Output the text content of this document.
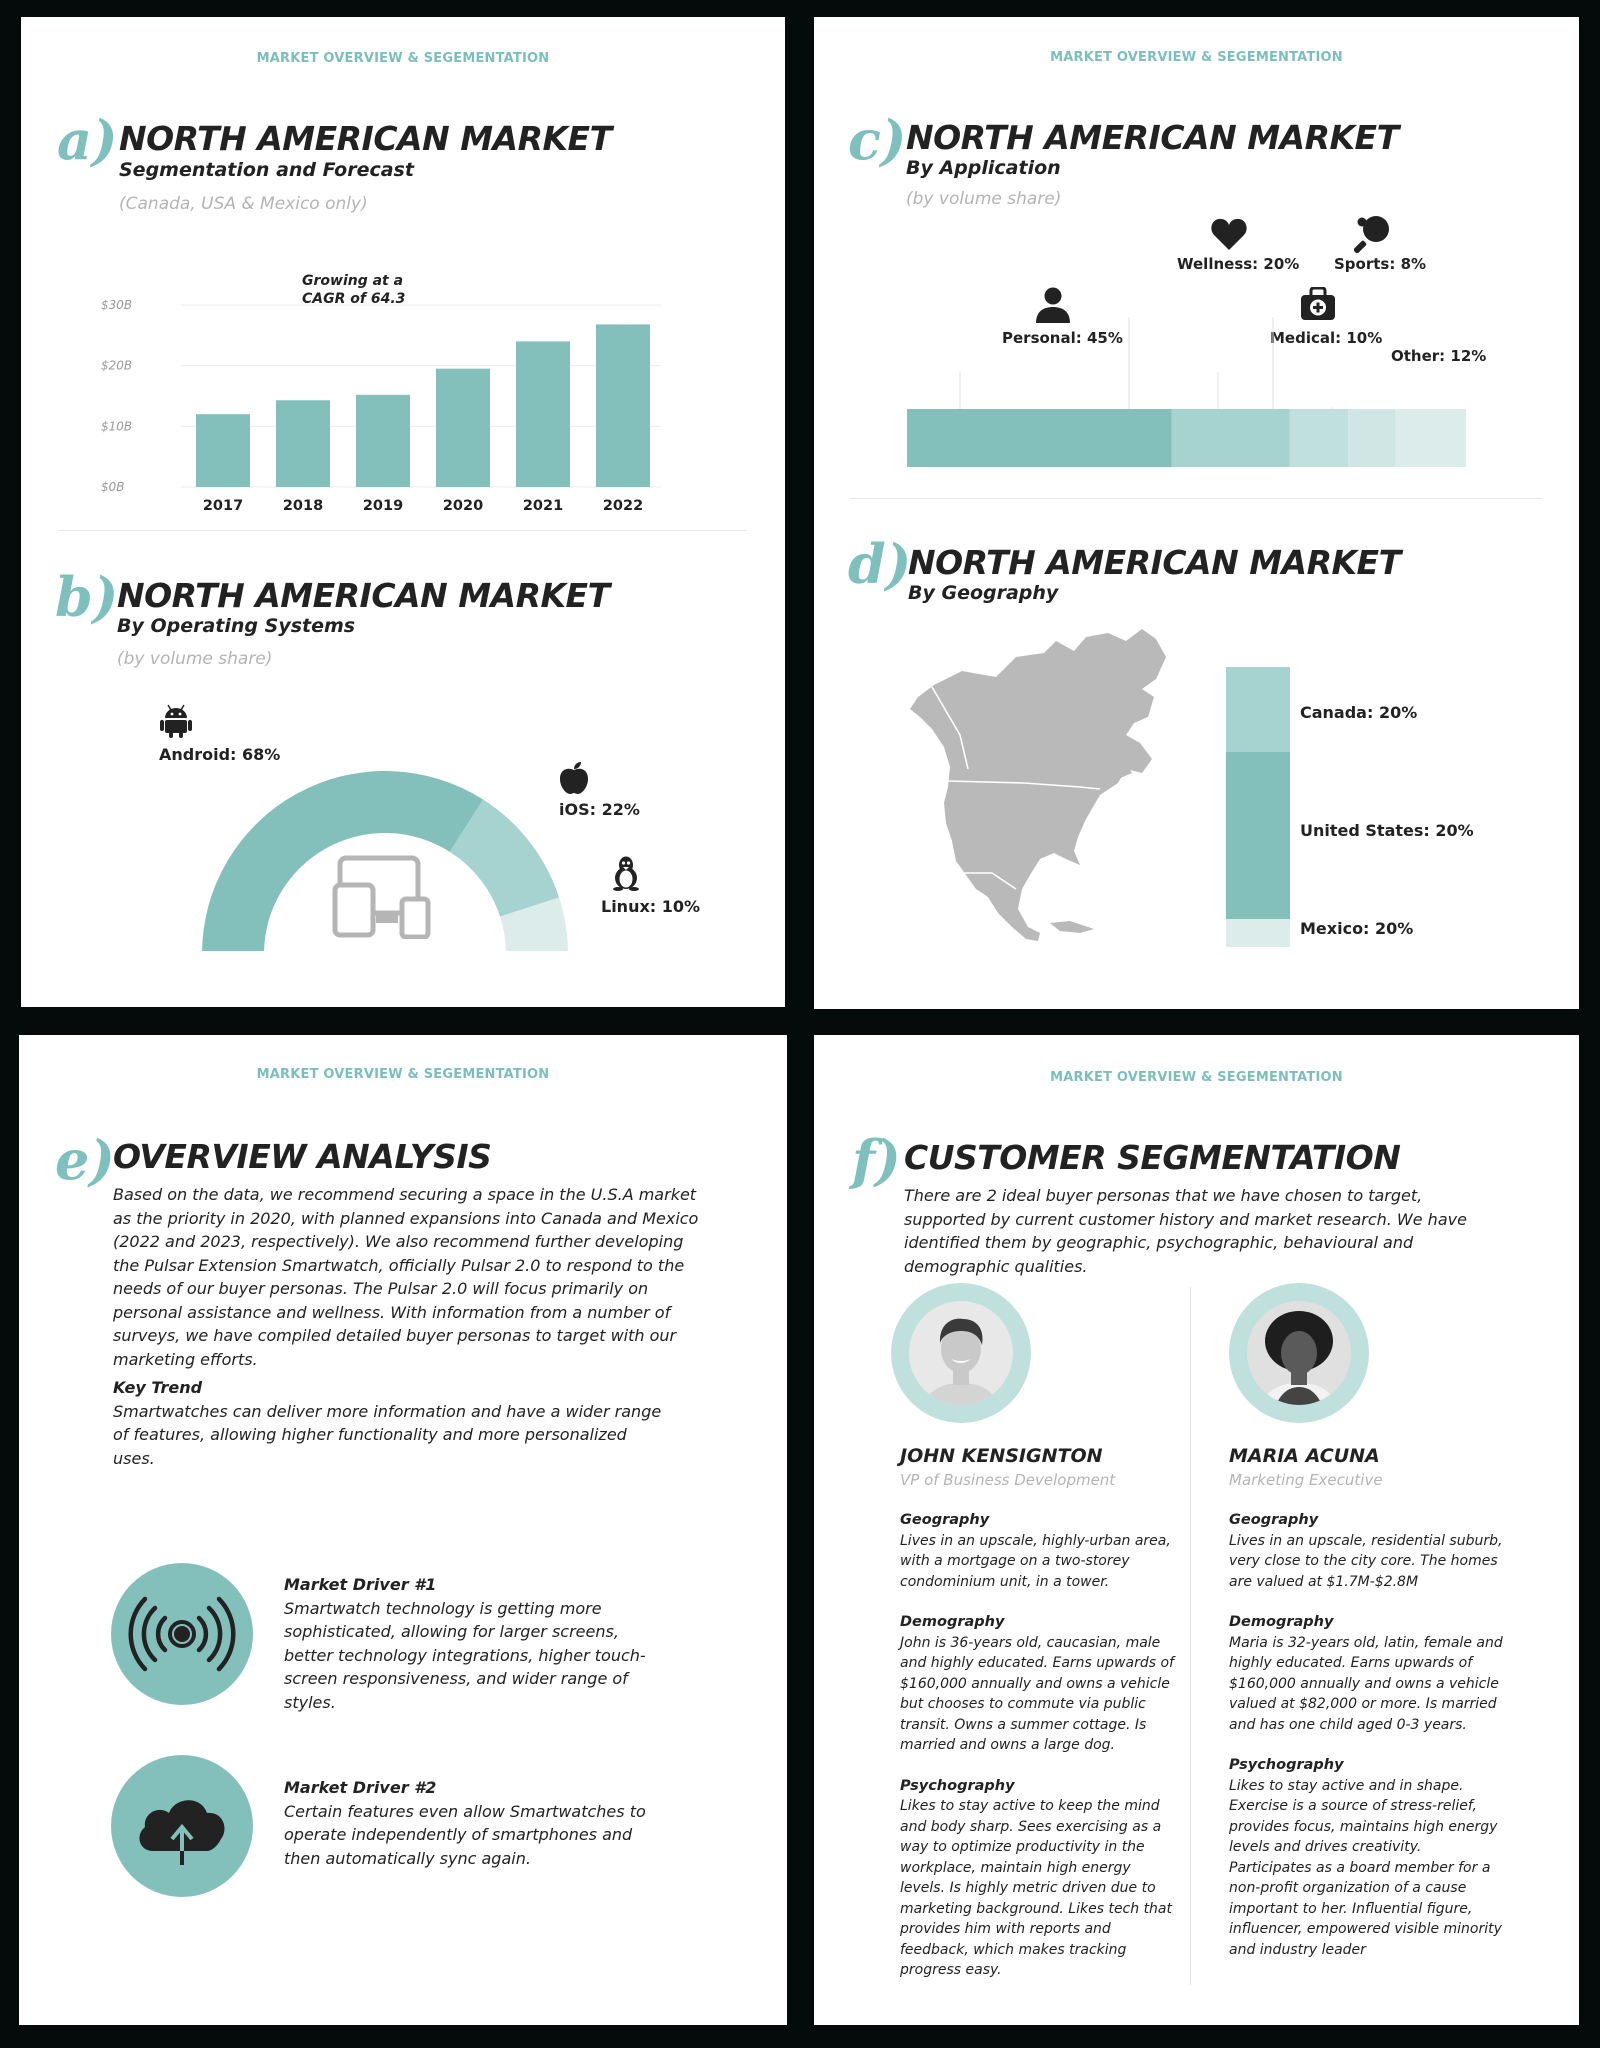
MARKET OVERVIEW & SEGEMENTATION
a) NORTH AMERICAN MARKET
Segmentation and Forecast
(Canada, USA & Mexico only)
$0B
$10B
$20B
$30B
2017	2018	2019	2020	2021	2022
Growing at a
CAGR of 64.3
b)
NORTH AMERICAN MARKET
By Operating Systems
(by volume share)
Android: 68%
iOS: 22%
Linux: 10%
MARKET OVERVIEW & SEGEMENTATION
c) NORTH AMERICAN MARKET
By Application
(by volume share)
Wellness: 20% Sports: 8%
Personal: 45%	Medical: 10%
Other: 12%
d)
NORTH AMERICAN MARKET
By Geography
Canada: 20%
United States: 20%
Mexico: 20%
MARKET OVERVIEW & SEGEMENTATION
e)
OVERVIEW ANALYSIS
Based on the data, we recommend securing a space in the U.S.A market as the priority in 2020, with planned expansions into Canada and Mexico (2022 and 2023, respectively). We also recommend further developing the Pulsar Extension Smartwatch, officially Pulsar 2.0 to respond to the needs of our buyer personas. The Pulsar 2.0 will focus primarily on personal assistance and wellness. With information from a number of surveys, we have compiled detailed buyer personas to target with our marketing efforts.
Key Trend
Smartwatches can deliver more information and have a wider range of features, allowing higher functionality and more personalized uses.
Market Driver #1
Smartwatch technology is getting more sophisticated, allowing for larger screens, better technology integrations, higher touch-screen responsiveness, and wider range of styles.
Market Driver #2
Certain features even allow Smartwatches to operate independently of smartphones and then automatically sync again.
MARKET OVERVIEW & SEGEMENTATION
f) CUSTOMER SEGMENTATION
There are 2 ideal buyer personas that we have chosen to target, supported by current customer history and market research. We have identified them by geographic, psychographic, behavioural and demographic qualities.
JOHN KENSIGNTON
VP of Business Development
Geography
Lives in an upscale, highly-urban area, with a mortgage on a two-storey condominium unit, in a tower.
Demography
John is 36-years old, caucasian, male and highly educated. Earns upwards of $160,000 annually and owns a vehicle but chooses to commute via public transit. Owns a summer cottage. Is married and owns a large dog.
Psychography
Likes to stay active to keep the mind and body sharp. Sees exercising as a way to optimize productivity in the workplace, maintain high energy levels. Is highly metric driven due to marketing background. Likes tech that provides him with reports and feedback, which makes tracking progress easy.
MARIA ACUNA
Marketing Executive
Geography
Lives in an upscale, residential suburb, very close to the city core. The homes are valued at $1.7M-$2.8M
Demography
Maria is 32-years old, latin, female and highly educated. Earns upwards of $160,000 annually and owns a vehicle valued at $82,000 or more. Is married and has one child aged 0-3 years.
Psychography
Likes to stay active and in shape. Exercise is a source of stress-relief, provides focus, maintains high energy levels and drives creativity. Participates as a board member for a non-profit organization of a cause important to her. Influential figure, influencer, empowered visible minority and industry leader
